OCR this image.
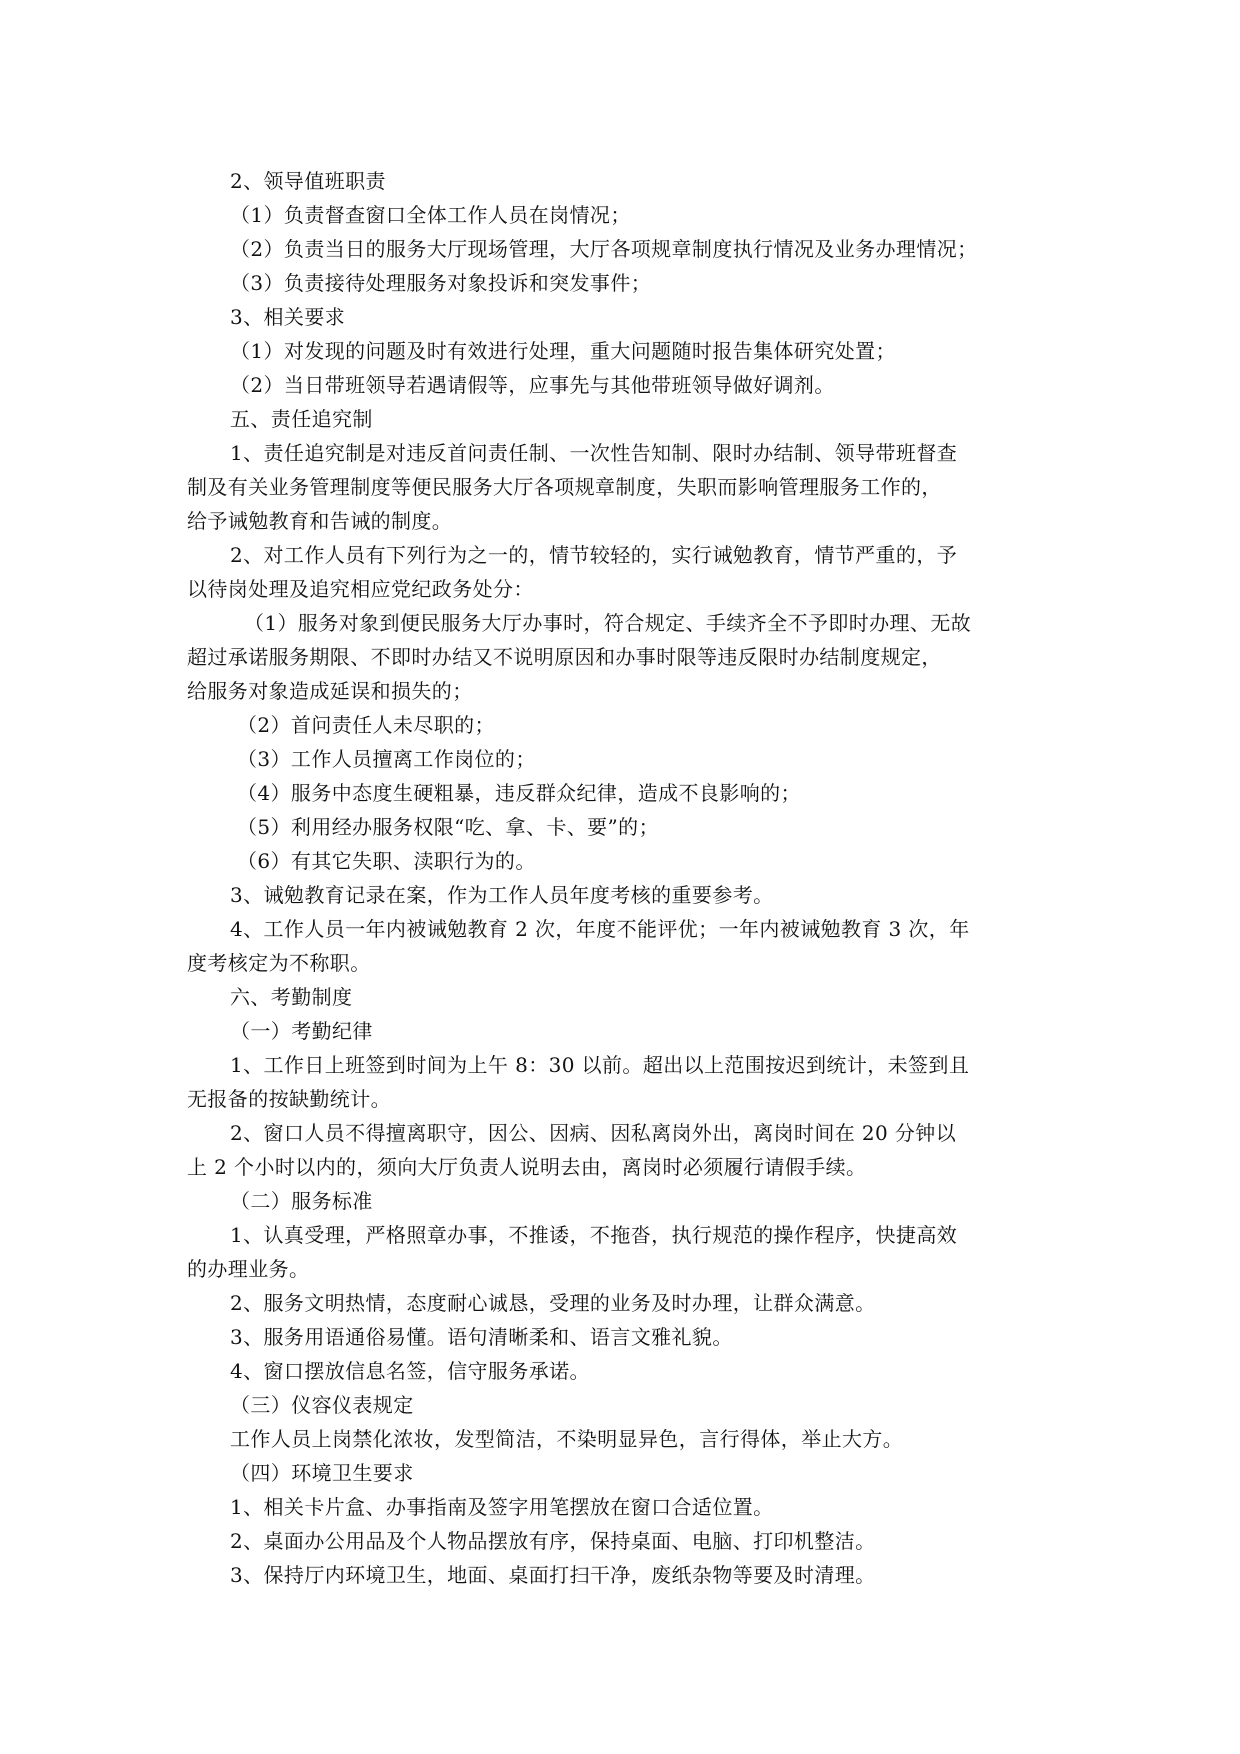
2、领导值班职责
（1）负责督查窗口全体工作人员在岗情况；
（2）负责当日的服务大厅现场管理，大厅各项规章制度执行情况及业务办理情况；
（3）负责接待处理服务对象投诉和突发事件；
3、相关要求
（1）对发现的问题及时有效进行处理，重大问题随时报告集体研究处置；
（2）当日带班领导若遇请假等，应事先与其他带班领导做好调剂。
五、责任追究制
1、责任追究制是对违反首问责任制、一次性告知制、限时办结制、领导带班督查
制及有关业务管理制度等便民服务大厅各项规章制度，失职而影响管理服务工作的，
给予诫勉教育和告诫的制度。
2、对工作人员有下列行为之一的，情节较轻的，实行诫勉教育，情节严重的，予
以待岗处理及追究相应党纪政务处分：
（1）服务对象到便民服务大厅办事时，符合规定、手续齐全不予即时办理、无故
超过承诺服务期限、不即时办结又不说明原因和办事时限等违反限时办结制度规定，
给服务对象造成延误和损失的；
（2）首问责任人未尽职的；
（3）工作人员擅离工作岗位的；
（4）服务中态度生硬粗暴，违反群众纪律，造成不良影响的；
（5）利用经办服务权限“吃、拿、卡、要”的；
（6）有其它失职、渎职行为的。
3、诫勉教育记录在案，作为工作人员年度考核的重要参考。
4、工作人员一年内被诫勉教育 2 次，年度不能评优；一年内被诫勉教育 3 次，年
度考核定为不称职。
六、考勤制度
（一）考勤纪律
1、工作日上班签到时间为上午 8：30 以前。超出以上范围按迟到统计，未签到且
无报备的按缺勤统计。
2、窗口人员不得擅离职守，因公、因病、因私离岗外出，离岗时间在 20 分钟以
上 2 个小时以内的，须向大厅负责人说明去由，离岗时必须履行请假手续。
（二）服务标准
1、认真受理，严格照章办事，不推诿，不拖沓，执行规范的操作程序，快捷高效
的办理业务。
2、服务文明热情，态度耐心诚恳，受理的业务及时办理，让群众满意。
3、服务用语通俗易懂。语句清晰柔和、语言文雅礼貌。
4、窗口摆放信息名签，信守服务承诺。
（三）仪容仪表规定
工作人员上岗禁化浓妆，发型简洁，不染明显异色，言行得体，举止大方。
（四）环境卫生要求
1、相关卡片盒、办事指南及签字用笔摆放在窗口合适位置。
2、桌面办公用品及个人物品摆放有序，保持桌面、电脑、打印机整洁。
3、保持厅内环境卫生，地面、桌面打扫干净，废纸杂物等要及时清理。
